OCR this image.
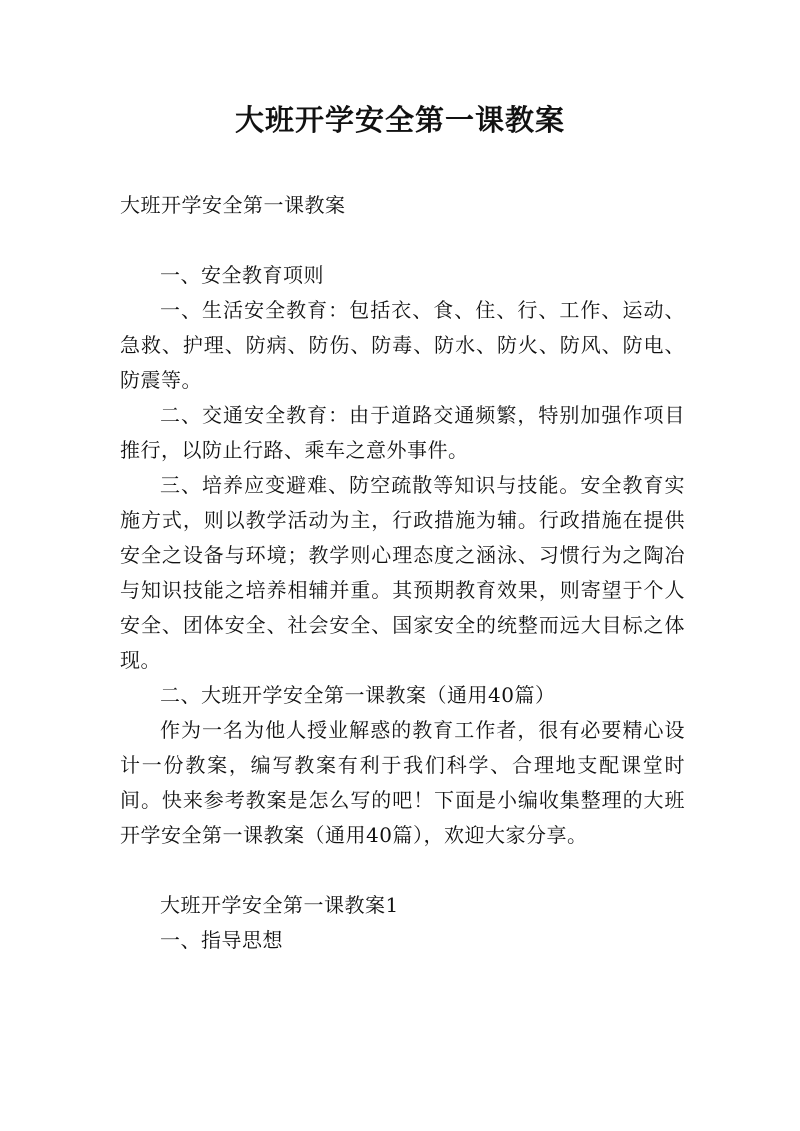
大班开学安全第一课教案

大班开学安全第一课教案

一、安全教育项则

一、生活安全教育：包括衣、食、住、行、工作、运动、急救、护理、防病、防伤、防毒、防水、防火、防风、防电、防震等。

二、交通安全教育：由于道路交通频繁，特别加强作项目推行，以防止行路、乘车之意外事件。

三、培养应变避难、防空疏散等知识与技能。安全教育实施方式，则以教学活动为主，行政措施为辅。行政措施在提供安全之设备与环境；教学则心理态度之涵泳、习惯行为之陶冶与知识技能之培养相辅并重。其预期教育效果，则寄望于个人安全、团体安全、社会安全、国家安全的统整而远大目标之体现。

二、大班开学安全第一课教案（通用40篇）

作为一名为他人授业解惑的教育工作者，很有必要精心设计一份教案，编写教案有利于我们科学、合理地支配课堂时间。快来参考教案是怎么写的吧！下面是小编收集整理的大班开学安全第一课教案（通用40篇），欢迎大家分享。

大班开学安全第一课教案1

一、指导思想
